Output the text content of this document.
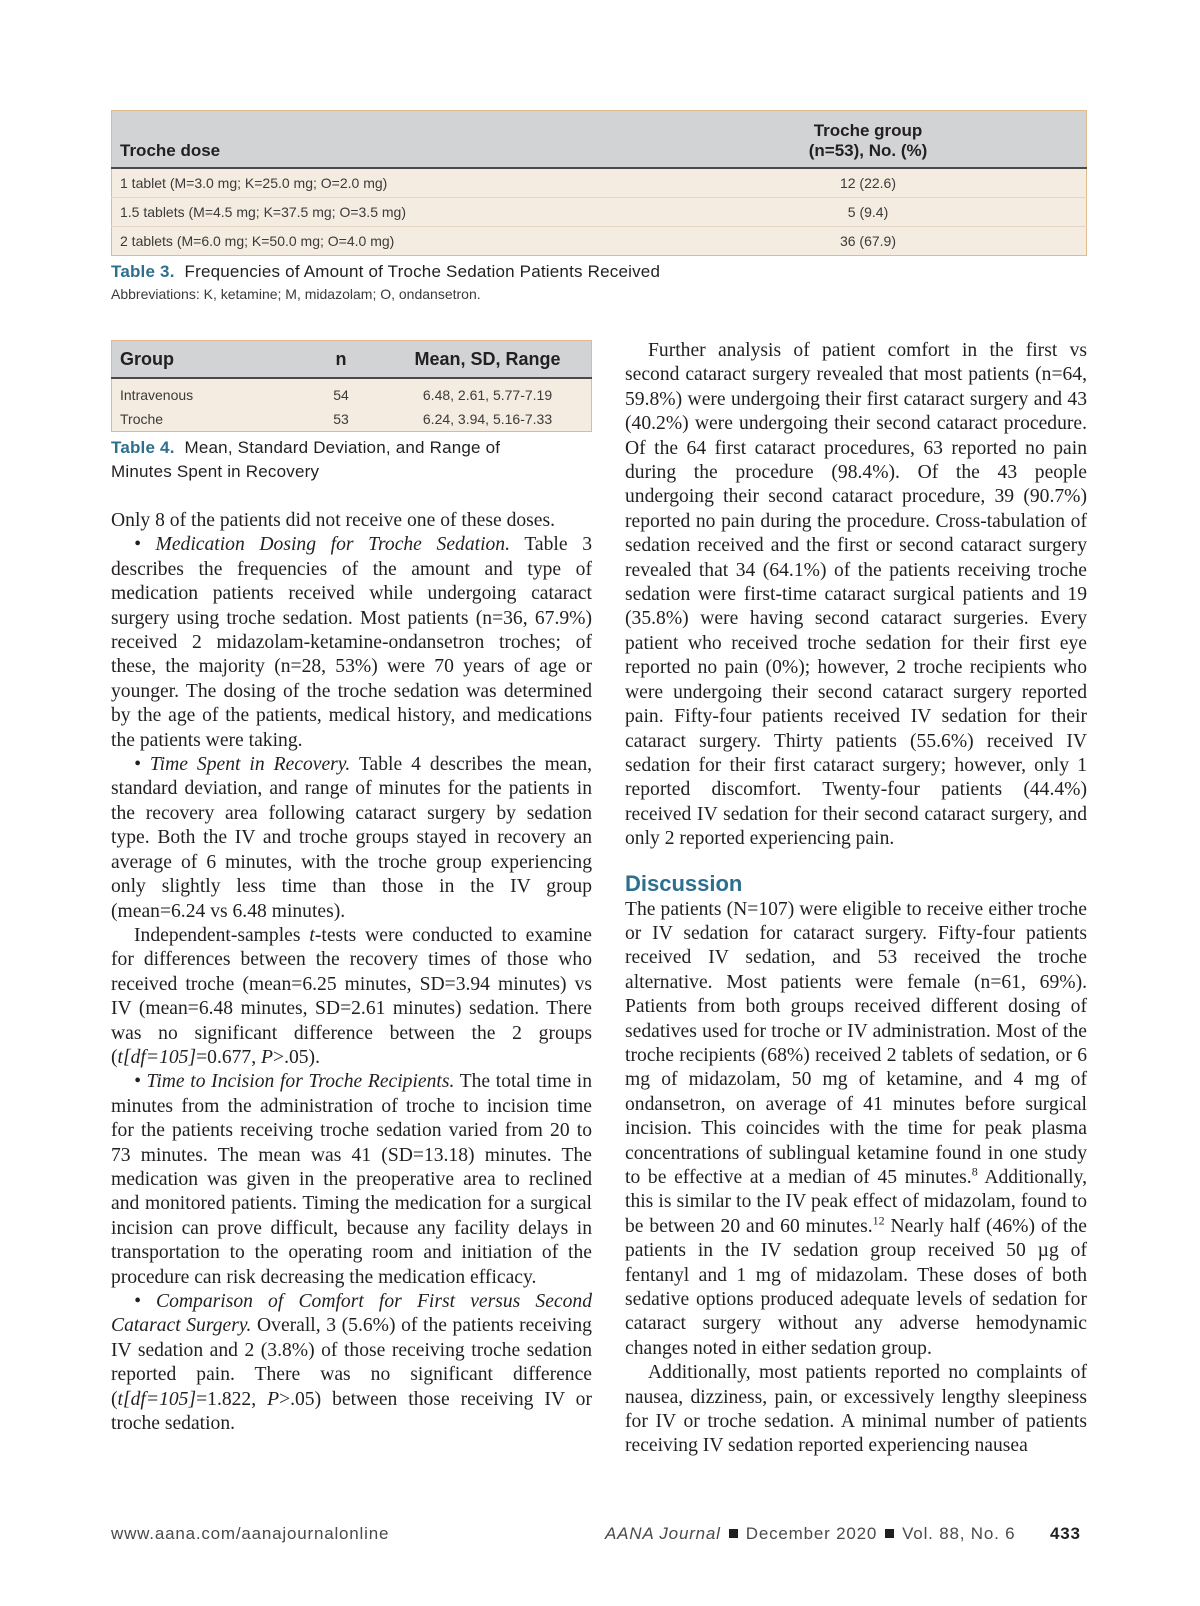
Troche dose	Troche group
(n=53), No. (%)
1 tablet (M=3.0 mg; K=25.0 mg; O=2.0 mg)	12 (22.6)
1.5 tablets (M=4.5 mg; K=37.5 mg; O=3.5 mg)	5 (9.4)
2 tablets (M=6.0 mg; K=50.0 mg; O=4.0 mg)	36 (67.9)
Table 3. Frequencies of Amount of Troche Sedation Patients Received
Abbreviations: K, ketamine; M, midazolam; O, ondansetron.
Group	n	Mean, SD, Range
Intravenous	54	6.48, 2.61, 5.77-7.19
Troche	53	6.24, 3.94, 5.16-7.33
Table 4. Mean, Standard Deviation, and Range of
Minutes Spent in Recovery

Only 8 of the patients did not receive one of these doses.

• Medication Dosing for Troche Sedation. Table 3 describes the frequencies of the amount and type of medication patients received while undergoing cataract surgery using troche sedation. Most patients (n=36, 67.9%) received 2 midazolam-ketamine-ondansetron troches; of these, the majority (n=28, 53%) were 70 years of age or younger. The dosing of the troche sedation was determined by the age of the patients, medical history, and medications the patients were taking.

• Time Spent in Recovery. Table 4 describes the mean, standard deviation, and range of minutes for the patients in the recovery area following cataract surgery by sedation type. Both the IV and troche groups stayed in recovery an average of 6 minutes, with the troche group experiencing only slightly less time than those in the IV group (mean=6.24 vs 6.48 minutes).

Independent-samples t-tests were conducted to examine for differences between the recovery times of those who received troche (mean=6.25 minutes, SD=3.94 minutes) vs IV (mean=6.48 minutes, SD=2.61 minutes) sedation. There was no significant difference between the 2 groups (t[df=105]=0.677, P>.05).

• Time to Incision for Troche Recipients. The total time in minutes from the administration of troche to incision time for the patients receiving troche sedation varied from 20 to 73 minutes. The mean was 41 (SD=13.18) minutes. The medication was given in the preoperative area to reclined and monitored patients. Timing the medication for a surgical incision can prove difficult, because any facility delays in transportation to the operating room and initiation of the procedure can risk decreasing the medication efficacy.

• Comparison of Comfort for First versus Second Cataract Surgery. Overall, 3 (5.6%) of the patients receiving IV sedation and 2 (3.8%) of those receiving troche sedation reported pain. There was no significant difference (t[df=105]=1.822, P>.05) between those receiving IV or troche sedation.

Further analysis of patient comfort in the first vs second cataract surgery revealed that most patients (n=64, 59.8%) were undergoing their first cataract surgery and 43 (40.2%) were undergoing their second cataract procedure. Of the 64 first cataract procedures, 63 reported no pain during the procedure (98.4%). Of the 43 people undergoing their second cataract procedure, 39 (90.7%) reported no pain during the procedure. Cross-tabulation of sedation received and the first or second cataract surgery revealed that 34 (64.1%) of the patients receiving troche sedation were first-time cataract surgical patients and 19 (35.8%) were having second cataract surgeries. Every patient who received troche sedation for their first eye reported no pain (0%); however, 2 troche recipients who were undergoing their second cataract surgery reported pain. Fifty-four patients received IV sedation for their cataract surgery. Thirty patients (55.6%) received IV sedation for their first cataract surgery; however, only 1 reported discomfort. Twenty-four patients (44.4%) received IV sedation for their second cataract surgery, and only 2 reported experiencing pain.

Discussion

The patients (N=107) were eligible to receive either troche or IV sedation for cataract surgery. Fifty-four patients received IV sedation, and 53 received the troche alternative. Most patients were female (n=61, 69%). Patients from both groups received different dosing of sedatives used for troche or IV administration. Most of the troche recipients (68%) received 2 tablets of sedation, or 6 mg of midazolam, 50 mg of ketamine, and 4 mg of ondansetron, on average of 41 minutes before surgical incision. This coincides with the time for peak plasma concentrations of sublingual ketamine found in one study to be effective at a median of 45 minutes.$^8$ Additionally, this is similar to the IV peak effect of midazolam, found to be between 20 and 60 minutes.$^{12}$ Nearly half (46%) of the patients in the IV sedation group received 50 µg of fentanyl and 1 mg of midazolam. These doses of both sedative options produced adequate levels of sedation for cataract surgery without any adverse hemodynamic changes noted in either sedation group.

Additionally, most patients reported no complaints of nausea, dizziness, pain, or excessively lengthy sleepiness for IV or troche sedation. A minimal number of patients receiving IV sedation reported experiencing nausea

www.aana.com/aanajournalonline	AANA Journal December 2020 Vol. 88, No. 6 433
